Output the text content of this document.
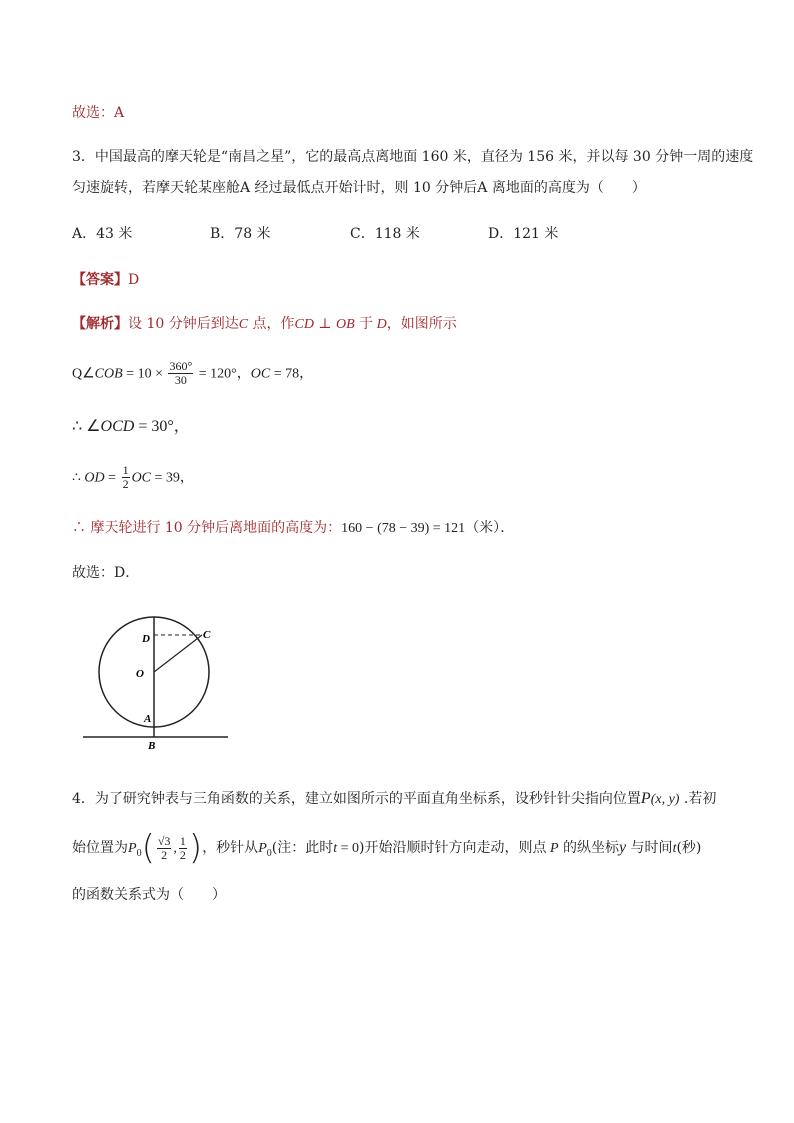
故选：A
3．中国最高的摩天轮是“南昌之星”，它的最高点离地面 160 米，直径为 156 米，并以每 30 分钟一周的速度
匀速旋转，若摩天轮某座舱A 经过最低点开始计时，则 10 分钟后A 离地面的高度为（　　）
A．43 米	B．78 米	C．118 米	D．121 米
【答案】D
【解析】设 10 分钟后到达C 点，作CD ⊥ OB 于 D，如图所示
Q∠COB = $10 \times \frac{360^\circ}{30} = 120^\circ$，OC = 78，
∴ ∠OCD = 30°，
∴ OD = $\frac{1}{2}$ OC = 39，
∴ 摩天轮进行 10 分钟后离地面的高度为：160 − (78 − 39) = 121（米）．
故选：D．
D	C
O
A
B
4．为了研究钟表与三角函数的关系，建立如图所示的平面直角坐标系，设秒针针尖指向位置P(x, y) .若初
始位置为$P_0( \frac{√3}{2}$ , $\frac{1}{2}$ )，秒针从$P_0$(注：此时t = 0)开始沿顺时针方向走动，则点 P 的纵坐标y 与时间t(秒)
的函数关系式为（　　）
